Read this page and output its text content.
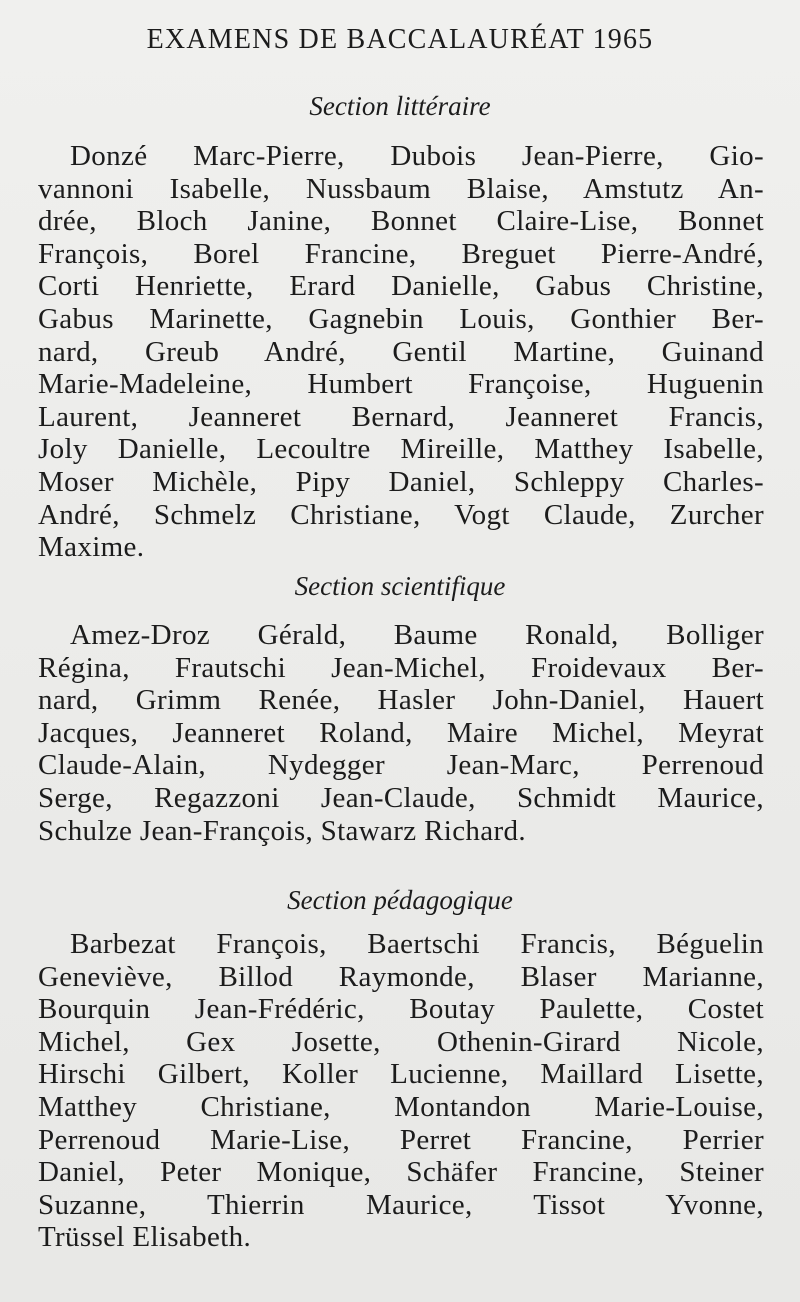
EXAMENS DE BACCALAURÉAT 1965
Section littéraire
Donzé Marc-Pierre, Dubois Jean-Pierre, Gio-
vannoni Isabelle, Nussbaum Blaise, Amstutz An-
drée, Bloch Janine, Bonnet Claire-Lise, Bonnet
François, Borel Francine, Breguet Pierre-André,
Corti Henriette, Erard Danielle, Gabus Christine,
Gabus Marinette, Gagnebin Louis, Gonthier Ber-
nard, Greub André, Gentil Martine, Guinand
Marie-Madeleine, Humbert Françoise, Huguenin
Laurent, Jeanneret Bernard, Jeanneret Francis,
Joly Danielle, Lecoultre Mireille, Matthey Isabelle,
Moser Michèle, Pipy Daniel, Schleppy Charles-
André, Schmelz Christiane, Vogt Claude, Zurcher
Maxime.
Section scientifique
Amez-Droz Gérald, Baume Ronald, Bolliger
Régina, Frautschi Jean-Michel, Froidevaux Ber-
nard, Grimm Renée, Hasler John-Daniel, Hauert
Jacques, Jeanneret Roland, Maire Michel, Meyrat
Claude-Alain, Nydegger Jean-Marc, Perrenoud
Serge, Regazzoni Jean-Claude, Schmidt Maurice,
Schulze Jean-François, Stawarz Richard.
Section pédagogique
Barbezat François, Baertschi Francis, Béguelin
Geneviève, Billod Raymonde, Blaser Marianne,
Bourquin Jean-Frédéric, Boutay Paulette, Costet
Michel, Gex Josette, Othenin-Girard Nicole,
Hirschi Gilbert, Koller Lucienne, Maillard Lisette,
Matthey Christiane, Montandon Marie-Louise,
Perrenoud Marie-Lise, Perret Francine, Perrier
Daniel, Peter Monique, Schäfer Francine, Steiner
Suzanne, Thierrin Maurice, Tissot Yvonne,
Trüssel Elisabeth.
